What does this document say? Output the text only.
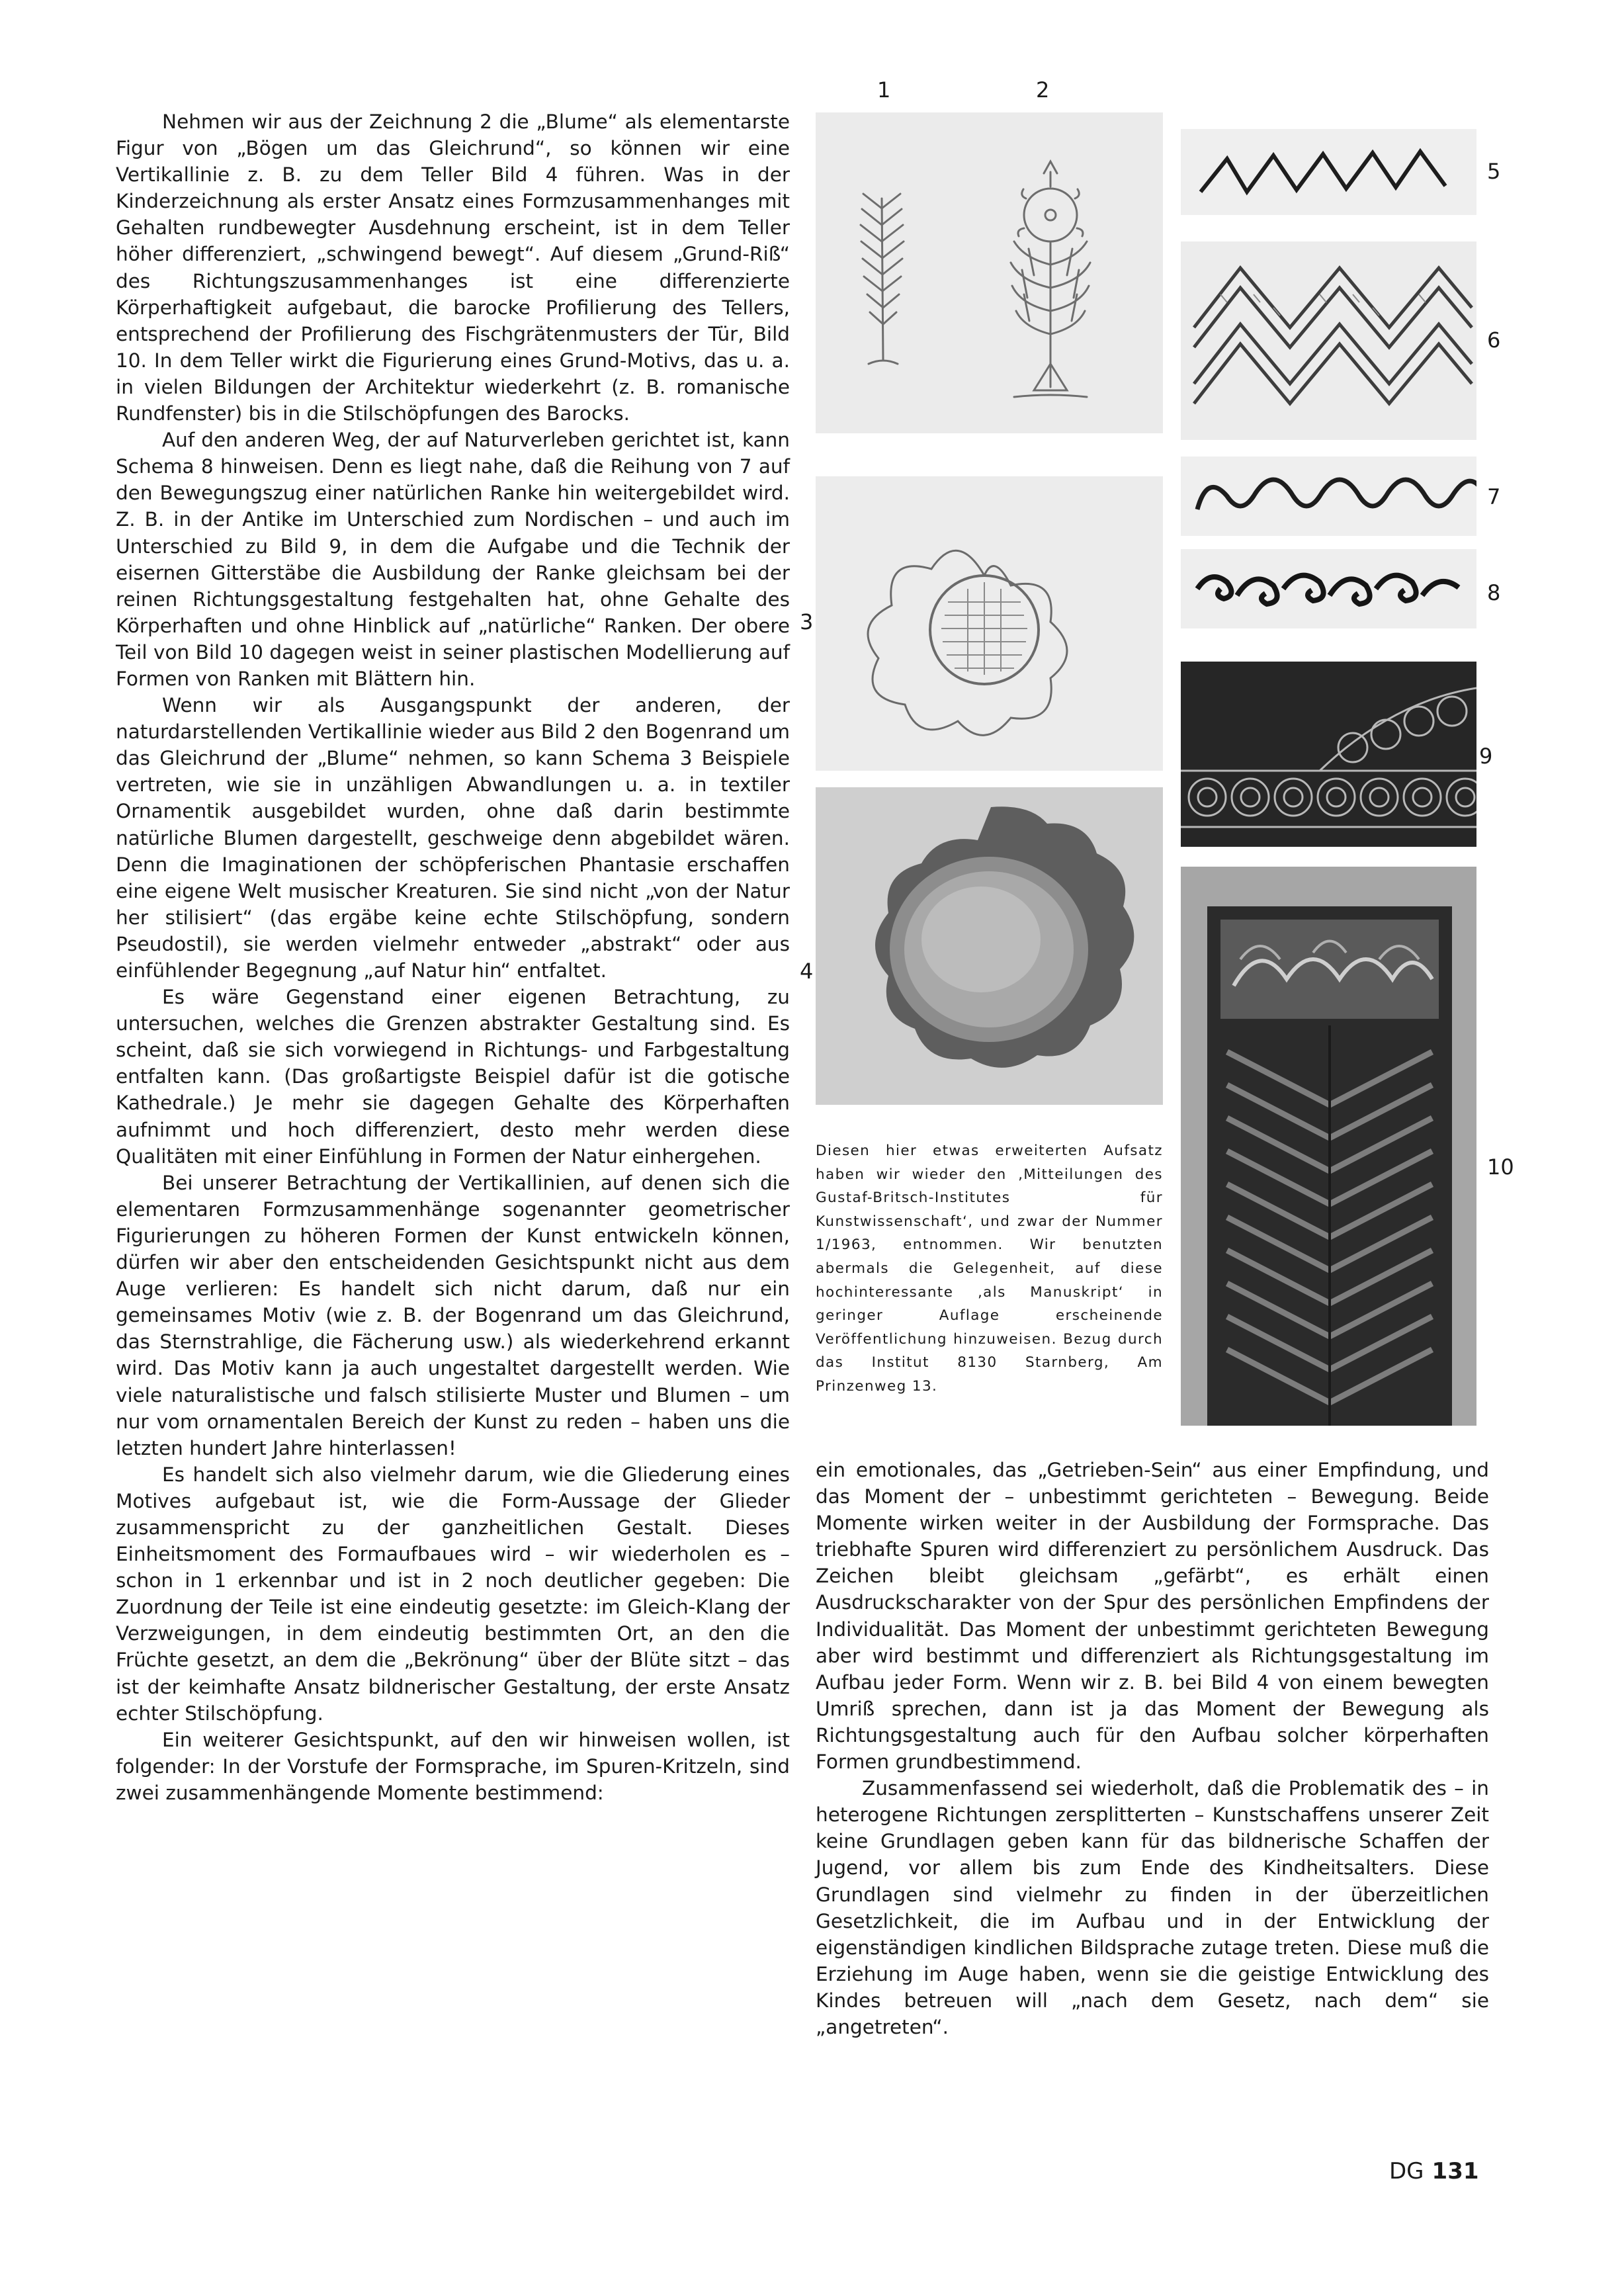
Nehmen wir aus der Zeichnung 2 die „Blume“ als elementarste Figur von „Bögen um das Gleichrund“, so können wir eine Vertikallinie z. B. zu dem Teller Bild 4 führen. Was in der Kinderzeichnung als erster Ansatz eines Formzusammenhanges mit Gehalten rundbewegter Ausdehnung erscheint, ist in dem Teller höher differenziert, „schwingend bewegt“. Auf diesem „Grund-Riß“ des Richtungszusammenhanges ist eine differenzierte Körperhaftigkeit aufgebaut, die barocke Profilierung des Tellers, entsprechend der Profilierung des Fischgrätenmusters der Tür, Bild 10. In dem Teller wirkt die Figurierung eines Grund-Motivs, das u. a. in vielen Bildungen der Architektur wiederkehrt (z. B. romanische Rundfenster) bis in die Stilschöpfungen des Barocks.

Auf den anderen Weg, der auf Naturverleben gerichtet ist, kann Schema 8 hinweisen. Denn es liegt nahe, daß die Reihung von 7 auf den Bewegungszug einer natürlichen Ranke hin weitergebildet wird. Z. B. in der Antike im Unterschied zum Nordischen – und auch im Unterschied zu Bild 9, in dem die Aufgabe und die Technik der eisernen Gitterstäbe die Ausbildung der Ranke gleichsam bei der reinen Richtungsgestaltung festgehalten hat, ohne Gehalte des Körperhaften und ohne Hinblick auf „natürliche“ Ranken. Der obere Teil von Bild 10 dagegen weist in seiner plastischen Modellierung auf Formen von Ranken mit Blättern hin.

Wenn wir als Ausgangspunkt der anderen, der naturdarstellenden Vertikallinie wieder aus Bild 2 den Bogenrand um das Gleichrund der „Blume“ nehmen, so kann Schema 3 Beispiele vertreten, wie sie in unzähligen Abwandlungen u. a. in textiler Ornamentik ausgebildet wurden, ohne daß darin bestimmte natürliche Blumen dargestellt, geschweige denn abgebildet wären. Denn die Imaginationen der schöpferischen Phantasie erschaffen eine eigene Welt musischer Kreaturen. Sie sind nicht „von der Natur her stilisiert“ (das ergäbe keine echte Stilschöpfung, sondern Pseudostil), sie werden vielmehr entweder „abstrakt“ oder aus einfühlender Begegnung „auf Natur hin“ entfaltet.

Es wäre Gegenstand einer eigenen Betrachtung, zu untersuchen, welches die Grenzen abstrakter Gestaltung sind. Es scheint, daß sie sich vorwiegend in Richtungs- und Farbgestaltung entfalten kann. (Das großartigste Beispiel dafür ist die gotische Kathedrale.) Je mehr sie dagegen Gehalte des Körperhaften aufnimmt und hoch differenziert, desto mehr werden diese Qualitäten mit einer Einfühlung in Formen der Natur einhergehen.

Bei unserer Betrachtung der Vertikallinien, auf denen sich die elementaren Formzusammenhänge sogenannter geometrischer Figurierungen zu höheren Formen der Kunst entwickeln können, dürfen wir aber den entscheidenden Gesichtspunkt nicht aus dem Auge verlieren: Es handelt sich nicht darum, daß nur ein gemeinsames Motiv (wie z. B. der Bogenrand um das Gleichrund, das Sternstrahlige, die Fächerung usw.) als wiederkehrend erkannt wird. Das Motiv kann ja auch ungestaltet dargestellt werden. Wie viele naturalistische und falsch stilisierte Muster und Blumen – um nur vom ornamentalen Bereich der Kunst zu reden – haben uns die letzten hundert Jahre hinterlassen!

Es handelt sich also vielmehr darum, wie die Gliederung eines Motives aufgebaut ist, wie die Form-Aussage der Glieder zusammenspricht zu der ganzheitlichen Gestalt. Dieses Einheitsmoment des Formaufbaues wird – wir wiederholen es – schon in 1 erkennbar und ist in 2 noch deutlicher gegeben: Die Zuordnung der Teile ist eine eindeutig gesetzte: im Gleich-Klang der Verzweigungen, in dem eindeutig bestimmten Ort, an den die Früchte gesetzt, an dem die „Bekrönung“ über der Blüte sitzt – das ist der keimhafte Ansatz bildnerischer Gestaltung, der erste Ansatz echter Stilschöpfung.

Ein weiterer Gesichtspunkt, auf den wir hinweisen wollen, ist folgender: In der Vorstufe der Formsprache, im Spuren-Kritzeln, sind zwei zusammenhängende Momente bestimmend:

ein emotionales, das „Getrieben-Sein“ aus einer Empfindung, und das Moment der – unbestimmt gerichteten – Bewegung. Beide Momente wirken weiter in der Ausbildung der Formsprache. Das triebhafte Spuren wird differenziert zu persönlichem Ausdruck. Das Zeichen bleibt gleichsam „gefärbt“, es erhält einen Ausdruckscharakter von der Spur des persönlichen Empfindens der Individualität. Das Moment der unbestimmt gerichteten Bewegung aber wird bestimmt und differenziert als Richtungsgestaltung im Aufbau jeder Form. Wenn wir z. B. bei Bild 4 von einem bewegten Umriß sprechen, dann ist ja das Moment der Bewegung als Richtungsgestaltung auch für den Aufbau solcher körperhaften Formen grundbestimmend.

Zusammenfassend sei wiederholt, daß die Problematik des – in heterogene Richtungen zersplitterten – Kunstschaffens unserer Zeit keine Grundlagen geben kann für das bildnerische Schaffen der Jugend, vor allem bis zum Ende des Kindheitsalters. Diese Grundlagen sind vielmehr zu finden in der überzeitlichen Gesetzlichkeit, die im Aufbau und in der Entwicklung der eigenständigen kindlichen Bildsprache zutage treten. Diese muß die Erziehung im Auge haben, wenn sie die geistige Entwicklung des Kindes betreuen will „nach dem Gesetz, nach dem“ sie „angetreten“.

Diesen hier etwas erweiterten Aufsatz haben wir wieder den ‚Mitteilungen des Gustaf-Britsch-Institutes für Kunstwissenschaft‘, und zwar der Nummer 1/1963, entnommen. Wir benutzten abermals die Gelegenheit, auf diese hochinteressante ‚als Manuskript‘ in geringer Auflage erscheinende Veröffentlichung hinzuweisen. Bezug durch das Institut 8130 Starnberg, Am Prinzenweg 13.
1	2
3
4
5
6
7
8
9
10
DG 131
